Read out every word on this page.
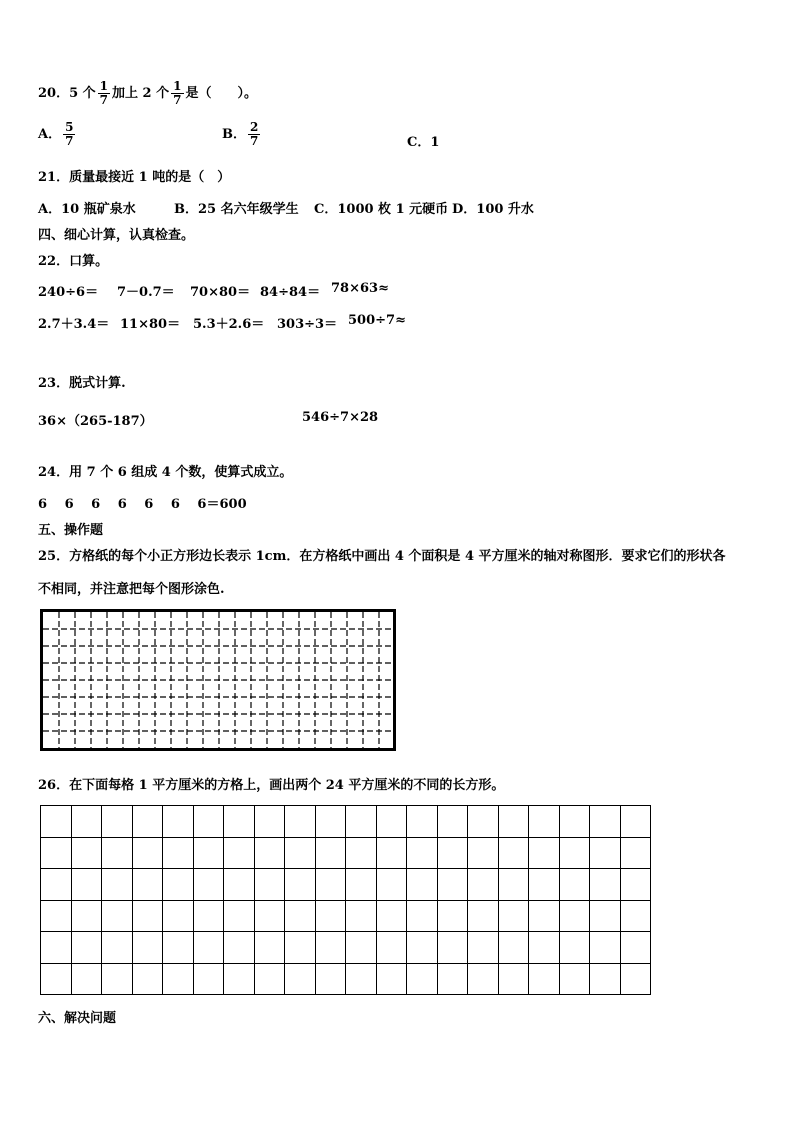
20．5 个 $\frac{1}{7}$ 加上 2 个 $\frac{1}{7}$ 是（　　）。
A． $\frac{5}{7}$	B． $\frac{2}{7}$	C．1
21．质量最接近 1 吨的是（　）
A．10 瓶矿泉水	B．25 名六年级学生 C．1000 枚 1 元硬币 D．100 升水
四、细心计算，认真检查。
22．口算。
240÷6＝ 7－0.7＝ 70×80＝ 84÷84＝ 78×63≈
2.7＋3.4＝ 11×80＝ 5.3＋2.6＝ 303÷3＝ 500÷7≈
23．脱式计算.
36×（265-187）	546÷7×28
24．用 7 个 6 组成 4 个数，使算式成立。
6　 6　 6　 6　 6　 6　 6＝600
五、操作题
25．方格纸的每个小正方形边长表示 1cm．在方格纸中画出 4 个面积是 4 平方厘米的轴对称图形．要求它们的形状各
不相同，并注意把每个图形涂色.
26．在下面每格 1 平方厘米的方格上，画出两个 24 平方厘米的不同的长方形。

六、解决问题
